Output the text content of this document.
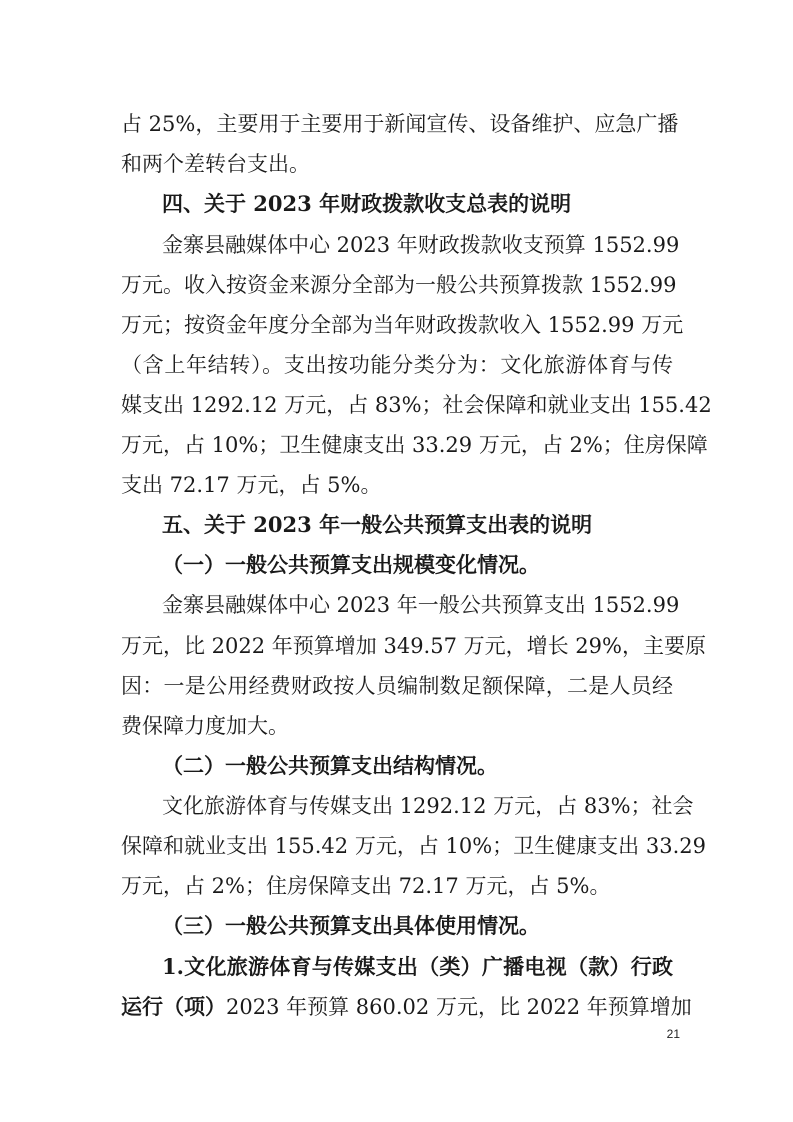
占 25%，主要用于主要用于新闻宣传、设备维护、应急广播
和两个差转台支出。
四、关于 2023 年财政拨款收支总表的说明
金寨县融媒体中心 2023 年财政拨款收支预算 1552.99
万元。收入按资金来源分全部为一般公共预算拨款 1552.99
万元；按资金年度分全部为当年财政拨款收入 1552.99 万元
（含上年结转）。支出按功能分类分为：文化旅游体育与传
媒支出 1292.12 万元，占 83%；社会保障和就业支出 155.42
万元，占 10%；卫生健康支出 33.29 万元，占 2%；住房保障
支出 72.17 万元，占 5%。
五、关于 2023 年一般公共预算支出表的说明
（一）一般公共预算支出规模变化情况。
金寨县融媒体中心 2023 年一般公共预算支出 1552.99
万元，比 2022 年预算增加 349.57 万元，增长 29%，主要原
因：一是公用经费财政按人员编制数足额保障，二是人员经
费保障力度加大。
（二）一般公共预算支出结构情况。
文化旅游体育与传媒支出 1292.12 万元，占 83%；社会
保障和就业支出 155.42 万元，占 10%；卫生健康支出 33.29
万元，占 2%；住房保障支出 72.17 万元，占 5%。
（三）一般公共预算支出具体使用情况。
1.文化旅游体育与传媒支出（类）广播电视（款）行政
运行（项）2023 年预算 860.02 万元，比 2022 年预算增加
21
